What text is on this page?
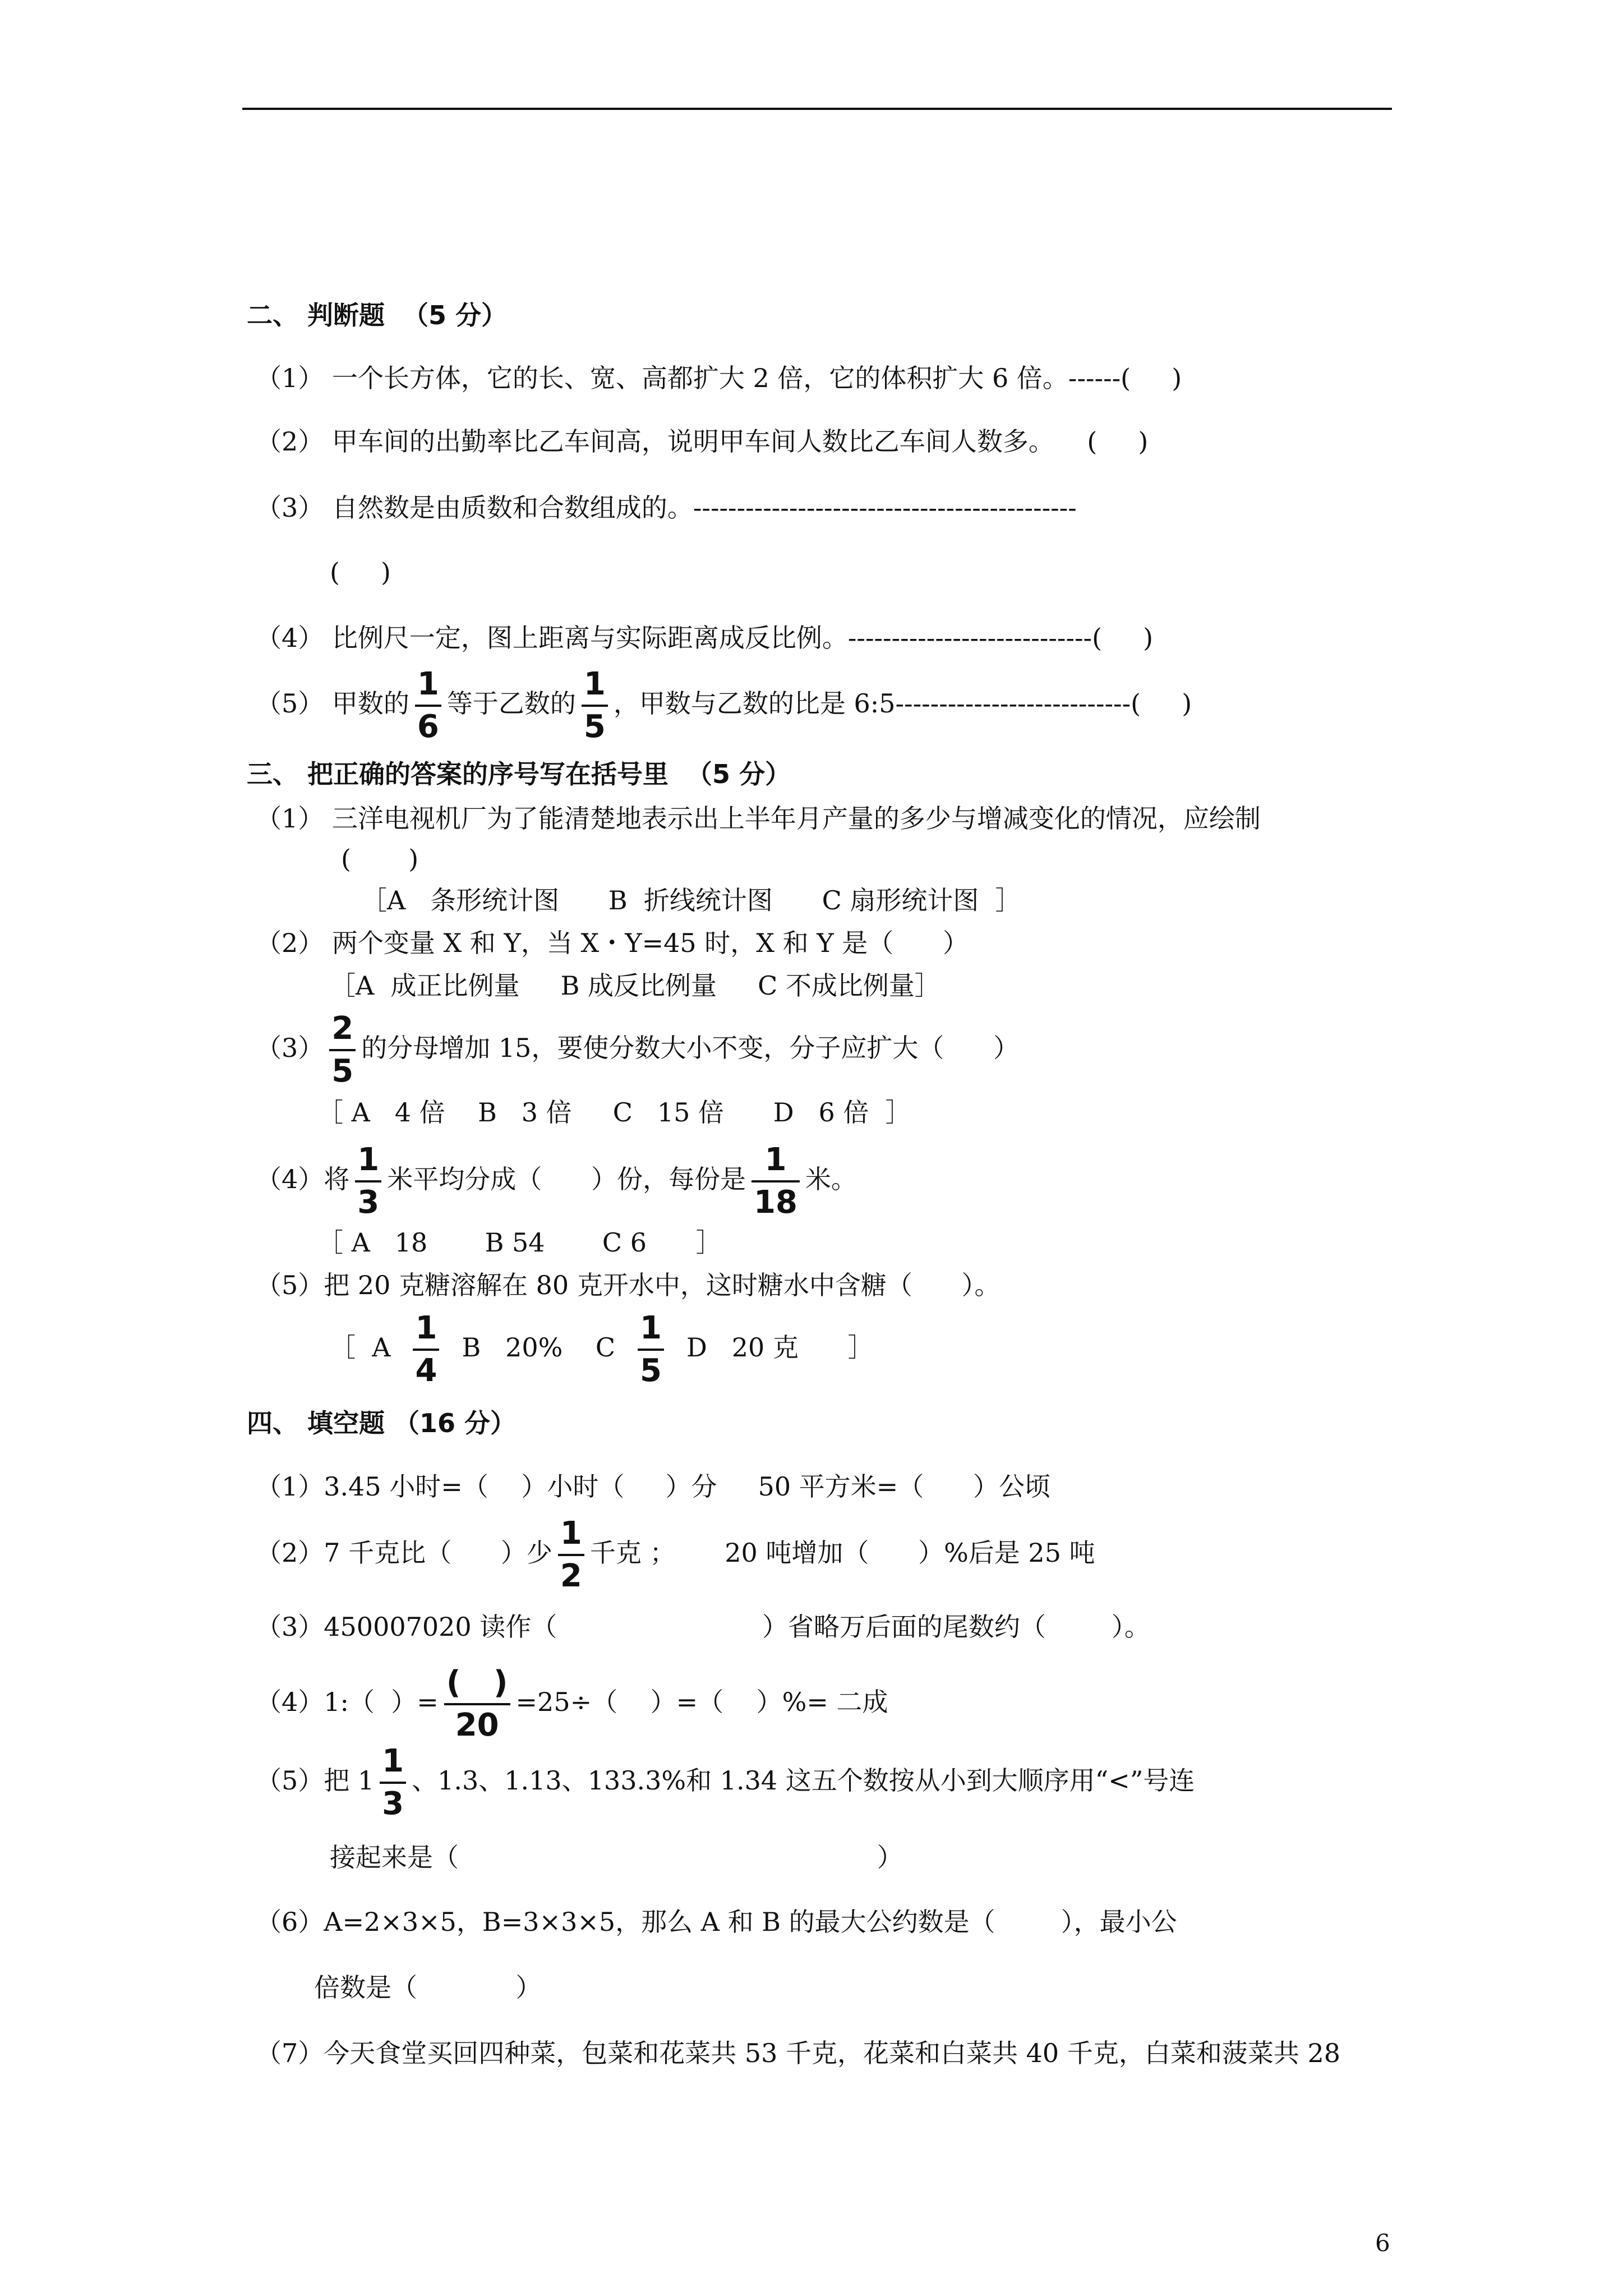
二、 判断题  （5 分）
（1） 一个长方体，它的长、宽、高都扩大 2 倍，它的体积扩大 6 倍。------(     )
（2） 甲车间的出勤率比乙车间高，说明甲车间人数比乙车间人数多。    (     )
（3） 自然数是由质数和合数组成的。--------------------------------------------
(     )
（4） 比例尺一定，图上距离与实际距离成反比例。----------------------------(     )
（5） 甲数的 $\frac{1}{6}$ 等于乙数的 $\frac{1}{5}$ ，甲数与乙数的比是 6:5---------------------------(     )
三、 把正确的答案的序号写在括号里  （5 分）
（1） 三洋电视机厂为了能清楚地表示出上半年月产量的多少与增减变化的情况，应绘制
(       )
［A   条形统计图      B  折线统计图      C 扇形统计图  ］
（2） 两个变量 X 和 Y，当 X・Y=45 时，X 和 Y 是（      ）
［A  成正比例量     B 成反比例量     C 不成比例量］
$(3) \frac{2}{5}$ 的分母增加 15，要使分数大小不变，分子应扩大（      ）
［ A   4 倍    B   3 倍     C   15 倍      D   6 倍  ］
（4）将 $\frac{1}{3}$ 米平均分成（      ）份，每份是 $\frac{1}{18}$ 米。
［ A   18       B 54       C 6      ］
（5）把 20 克糖溶解在 80 克开水中，这时糖水中含糖（      ）。
［  A $\frac{1}{4}$ B   20%    C $\frac{1}{5}$ D   20 克      ］
四、 填空题 （16 分）
（1）3.45 小时=（    ）小时（     ）分     50 平方米=（      ）公顷
（2）7 千克比（      ）少 $\frac{1}{2}$ 千克 ；      20 吨增加（      ）%后是 25 吨
（3）450007020 读作（                         ）省略万后面的尾数约（        ）。
（4）1:（  ）= $\frac{( )}{20} =25\div$（    ）=（    ）%= 二成
（5）把 $1 \frac{1}{3}$ 、1.3、1.13、133.3%和 1.34 这五个数按从小到大顺序用“<”号连
接起来是（                                                   ）
（6）A=2×3×5，B=3×3×5，那么 A 和 B 的最大公约数是（        ），最小公
倍数是（            ）
（7）今天食堂买回四种菜，包菜和花菜共 53 千克，花菜和白菜共 40 千克，白菜和菠菜共 28
6
